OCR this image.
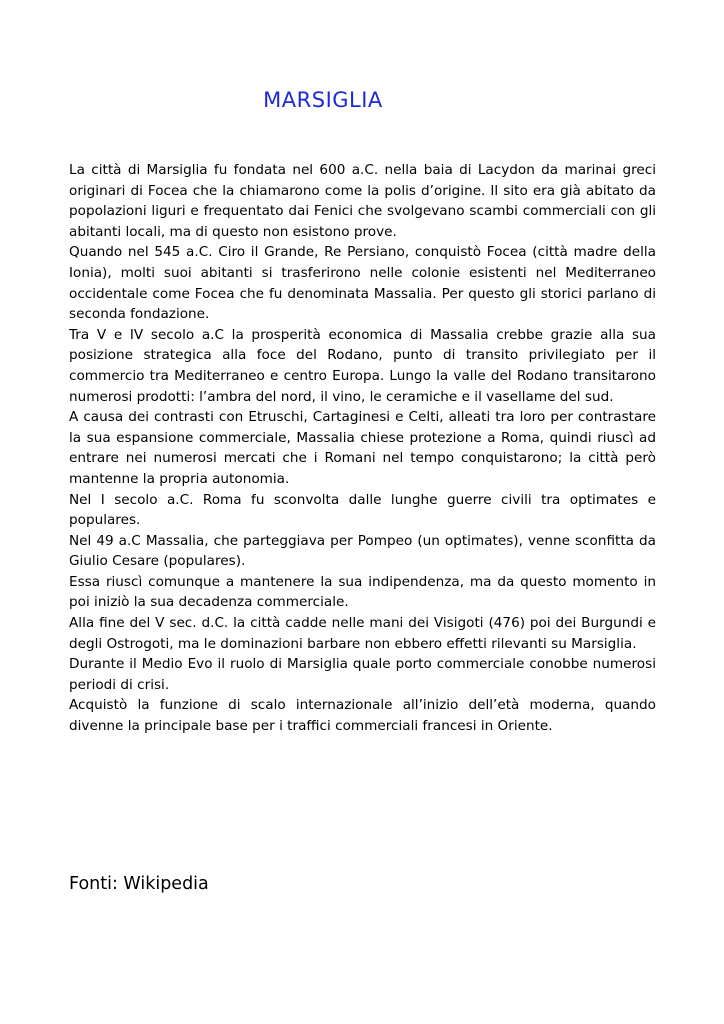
MARSIGLIA

La città di Marsiglia fu fondata nel 600 a.C. nella baia di Lacydon da marinai greci originari di Focea che la chiamarono come la polis d’origine. Il sito era già abitato da popolazioni liguri e frequentato dai Fenici che svolgevano scambi commerciali con gli abitanti locali, ma di questo non esistono prove.

Quando nel 545 a.C. Ciro il Grande, Re Persiano, conquistò Focea (città madre della Ionia), molti suoi abitanti si trasferirono nelle colonie esistenti nel Mediterraneo occidentale come Focea che fu denominata Massalia. Per questo gli storici parlano di seconda fondazione.

Tra V e IV secolo a.C la prosperità economica di Massalia crebbe grazie alla sua posizione strategica alla foce del Rodano, punto di transito privilegiato per il commercio tra Mediterraneo e centro Europa. Lungo la valle del Rodano transitarono numerosi prodotti: l’ambra del nord, il vino, le ceramiche e il vasellame del sud.

A causa dei contrasti con Etruschi, Cartaginesi e Celti, alleati tra loro per contrastare la sua espansione commerciale, Massalia chiese protezione a Roma, quindi riuscì ad entrare nei numerosi mercati che i Romani nel tempo conquistarono; la città però mantenne la propria autonomia.

Nel I secolo a.C. Roma fu sconvolta dalle lunghe guerre civili tra optimates e populares.

Nel 49 a.C Massalia, che parteggiava per Pompeo (un optimates), venne sconfitta da Giulio Cesare (populares).

Essa riuscì comunque a mantenere la sua indipendenza, ma da questo momento in poi iniziò la sua decadenza commerciale.

Alla fine del V sec. d.C. la città cadde nelle mani dei Visigoti (476) poi dei Burgundi e degli Ostrogoti, ma le dominazioni barbare non ebbero effetti rilevanti su Marsiglia.

Durante il Medio Evo il ruolo di Marsiglia quale porto commerciale conobbe numerosi periodi di crisi.

Acquistò la funzione di scalo internazionale all’inizio dell’età moderna, quando divenne la principale base per i traffici commerciali francesi in Oriente.

Fonti: Wikipedia
